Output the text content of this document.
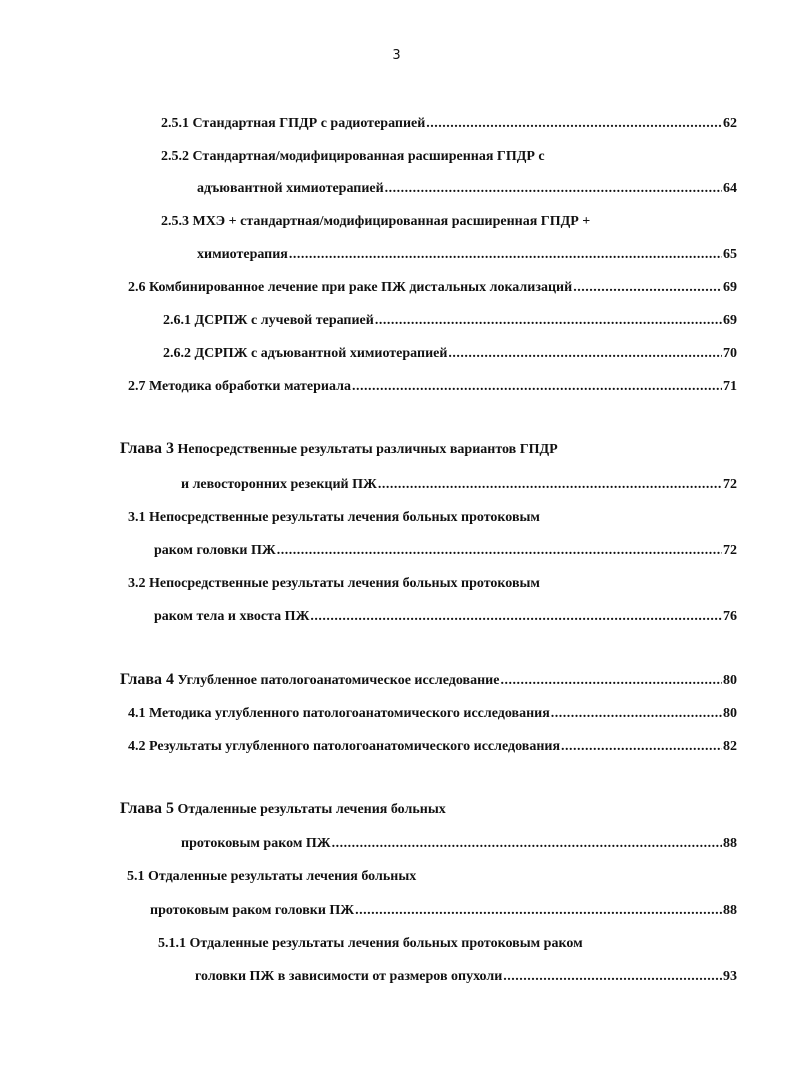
3
2.5.1 Стандартная ГПДР с радиотерапией .....	62
2.5.2 Стандартная/модифицированная расширенная ГПДР с
адъювантной химиотерапией .....	64
2.5.3 МХЭ + стандартная/модифицированная расширенная ГПДР +
химиотерапия .....	65
2.6 Комбинированное лечение при раке ПЖ дистальных локализаций .....	69
2.6.1 ДСРПЖ с лучевой терапией .....	69
2.6.2 ДСРПЖ с адъювантной химиотерапией .....	70
2.7 Методика обработки материала .....	71
Глава 3
Непосредственные результаты различных вариантов ГПДР
и левосторонних резекций ПЖ .....	72
3.1 Непосредственные результаты лечения больных протоковым
раком головки ПЖ .....	72
3.2 Непосредственные результаты лечения больных протоковым
раком тела и хвоста ПЖ .....	76
Глава 4
Углубленное патологоанатомическое исследование .....	80
4.1 Методика углубленного патологоанатомического исследования .....	80
4.2 Результаты углубленного патологоанатомического исследования .....	82
Глава 5
Отдаленные результаты лечения больных
протоковым раком ПЖ .....	88
5.1 Отдаленные результаты лечения больных
протоковым раком головки ПЖ .....	88
5.1.1 Отдаленные результаты лечения больных протоковым раком
головки ПЖ в зависимости от размеров опухоли .....	93
